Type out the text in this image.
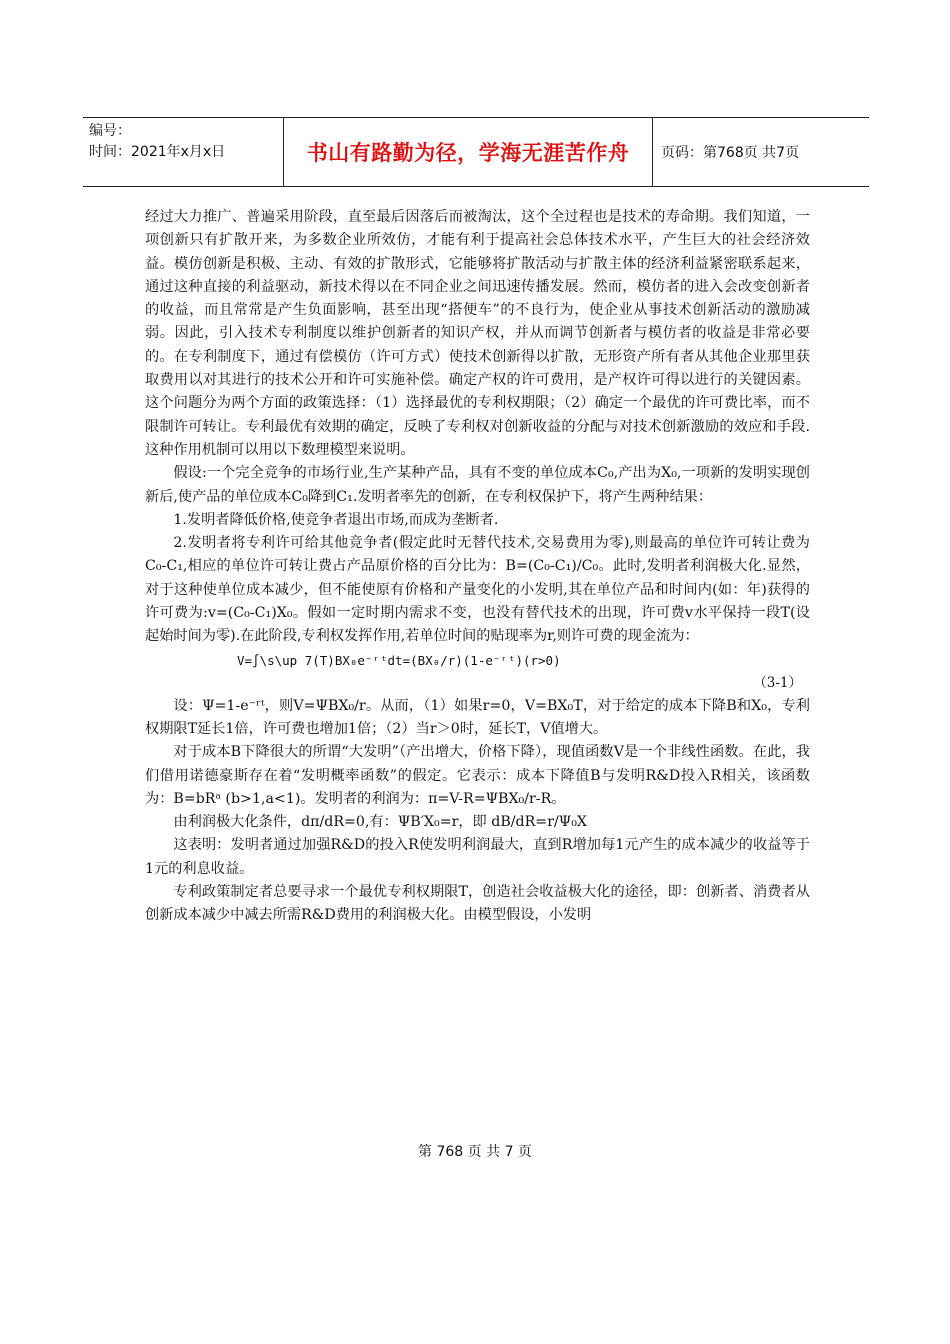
编号：
时间：2021年x月x日	书山有路勤为径，学海无涯苦作舟	页码：第768页 共7页

经过大力推广、普遍采用阶段，直至最后因落后而被淘汰，这个全过程也是技术的寿命期。我们知道，一项创新只有扩散开来，为多数企业所效仿，才能有利于提高社会总体技术水平，产生巨大的社会经济效益。模仿创新是积极、主动、有效的扩散形式，它能够将扩散活动与扩散主体的经济利益紧密联系起来，通过这种直接的利益驱动，新技术得以在不同企业之间迅速传播发展。然而，模仿者的进入会改变创新者的收益，而且常常是产生负面影响，甚至出现“搭便车”的不良行为，使企业从事技术创新活动的激励减弱。因此，引入技术专利制度以维护创新者的知识产权，并从而调节创新者与模仿者的收益是非常必要的。在专利制度下，通过有偿模仿（许可方式）使技术创新得以扩散，无形资产所有者从其他企业那里获取费用以对其进行的技术公开和许可实施补偿。确定产权的许可费用，是产权许可得以进行的关键因素。这个问题分为两个方面的政策选择：（1）选择最优的专利权期限；（2）确定一个最优的许可费比率，而不限制许可转让。专利最优有效期的确定，反映了专利权对创新收益的分配与对技术创新激励的效应和手段.这种作用机制可以用以下数理模型来说明。

假设:一个完全竞争的市场行业,生产某种产品，具有不变的单位成本C₀,产出为X₀,一项新的发明实现创新后,使产品的单位成本C₀降到C₁.发明者率先的创新，在专利权保护下，将产生两种结果：

1.发明者降低价格,使竞争者退出市场,而成为垄断者.

2.发明者将专利许可给其他竞争者(假定此时无替代技术,交易费用为零),则最高的单位许可转让费为C₀-C₁,相应的单位许可转让费占产品原价格的百分比为：B=(C₀-C₁)/C₀。此时,发明者利润极大化.显然，对于这种使单位成本减少，但不能使原有价格和产量变化的小发明,其在单位产品和时间内(如：年)获得的许可费为:v=(C₀-C₁)X₀。假如一定时期内需求不变，也没有替代技术的出现，许可费v水平保持一段T(设起始时间为零).在此阶段,专利权发挥作用,若单位时间的贴现率为r,则许可费的现金流为：

V=∫\s\up 7(T)BX₀e⁻ʳᵗdt=(BX₀/r)(1-e⁻ʳᵗ)(r>0)

（3-1）

设：Ψ=1-e⁻ʳᵗ，则V=ΨBX₀/r。从而，（1）如果r=0，V=BX₀T，对于给定的成本下降B和X₀，专利权期限T延长1倍，许可费也增加1倍；（2）当r＞0时，延长T，V值增大。

对于成本B下降很大的所谓“大发明”（产出增大，价格下降），现值函数V是一个非线性函数。在此，我们借用诺德豪斯存在着“发明概率函数”的假定。它表示：成本下降值B与发明R&D投入R相关，该函数为：B=bRᵃ (b>1,a<1)。发明者的利润为：π=V-R=ΨBX₀/r-R。

由利润极大化条件，dπ/dR=0,有：ΨB′X₀=r，即 dB/dR=r/Ψ₀X

这表明：发明者通过加强R&D的投入R使发明利润最大，直到R增加每1元产生的成本减少的收益等于1元的利息收益。

专利政策制定者总要寻求一个最优专利权期限T，创造社会收益极大化的途径，即：创新者、消费者从创新成本减少中减去所需R&D费用的利润极大化。由模型假设，小发明

第 768 页 共 7 页
